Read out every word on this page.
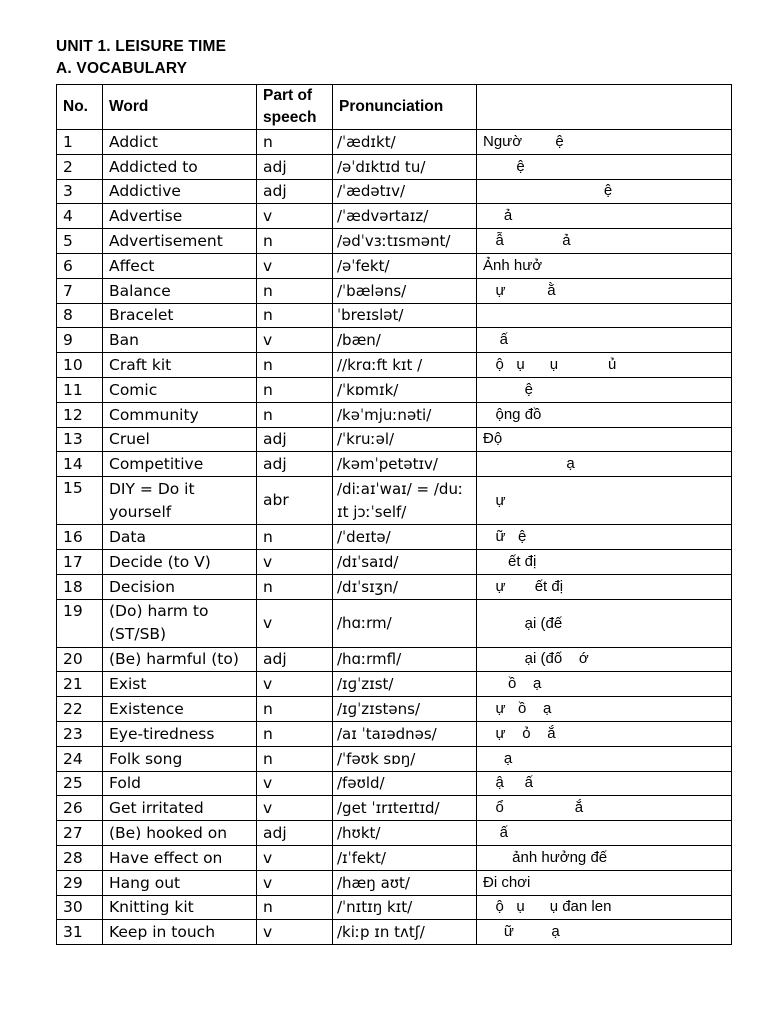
UNIT 1. LEISURE TIME
A. VOCABULARY
No.	Word	Part of speech	Pronunciation	
1	Addict	n	/ˈædɪkt/	Ngườ        ệ
2	Addicted to	adj	/əˈdɪktɪd tu/	ệ
3	Addictive	adj	/ˈædətɪv/	ệ
4	Advertise	v	/ˈædvərtaɪz/	ả
5	Advertisement	n	/ədˈvɜːtɪsmənt/	ẫ              ả
6	Affect	v	/əˈfekt/	Ảnh hưở
7	Balance	n	/ˈbæləns/	ự          ằ
8	Bracelet	n	ˈbreɪslət/	
9	Ban	v	/bæn/	ấ
10	Craft kit	n	//krɑːft kɪt /	ộ   ụ      ụ            ủ
11	Comic	n	/ˈkɒmɪk/	ệ
12	Community	n	/kəˈmjuːnəti/	ộng đồ
13	Cruel	adj	/ˈkruːəl/	Độ
14	Competitive	adj	/kəmˈpetətɪv/	ạ
15	DIY = Do it yourself	abr	/diːaɪˈwaɪ/ = /duː ɪt jɔːˈself/	ự
16	Data	n	/ˈdeɪtə/	ữ   ệ
17	Decide (to V)	v	/dɪˈsaɪd/	ết đị
18	Decision	n	/dɪˈsɪʒn/	ự       ết đị
19	(Do) harm to (ST/SB)	v	/hɑːrm/	ại (đế
20	(Be) harmful (to)	adj	/hɑːrmfl/	ại (đố    ớ
21	Exist	v	/ɪɡˈzɪst/	ồ    ạ
22	Existence	n	/ɪɡˈzɪstəns/	ự   ồ    ạ
23	Eye-tiredness	n	/aɪ ˈtaɪədnəs/	ự    ỏ    ắ
24	Folk song	n	/ˈfəʊk sɒŋ/	ạ
25	Fold	v	/fəʊld/	ậ     ấ
26	Get irritated	v	/get ˈɪrɪteɪtɪd/	ổ                 ắ
27	(Be) hooked on	adj	/hʊkt/	ấ
28	Have effect on	v	/ɪˈfekt/	ảnh hưởng đế
29	Hang out	v	/hæŋ aʊt/	Đi chơi
30	Knitting kit	n	/ˈnɪtɪŋ kɪt/	ộ   ụ      ụ đan len
31	Keep in touch	v	/kiːp ɪn tʌtʃ/	ữ         ạ
